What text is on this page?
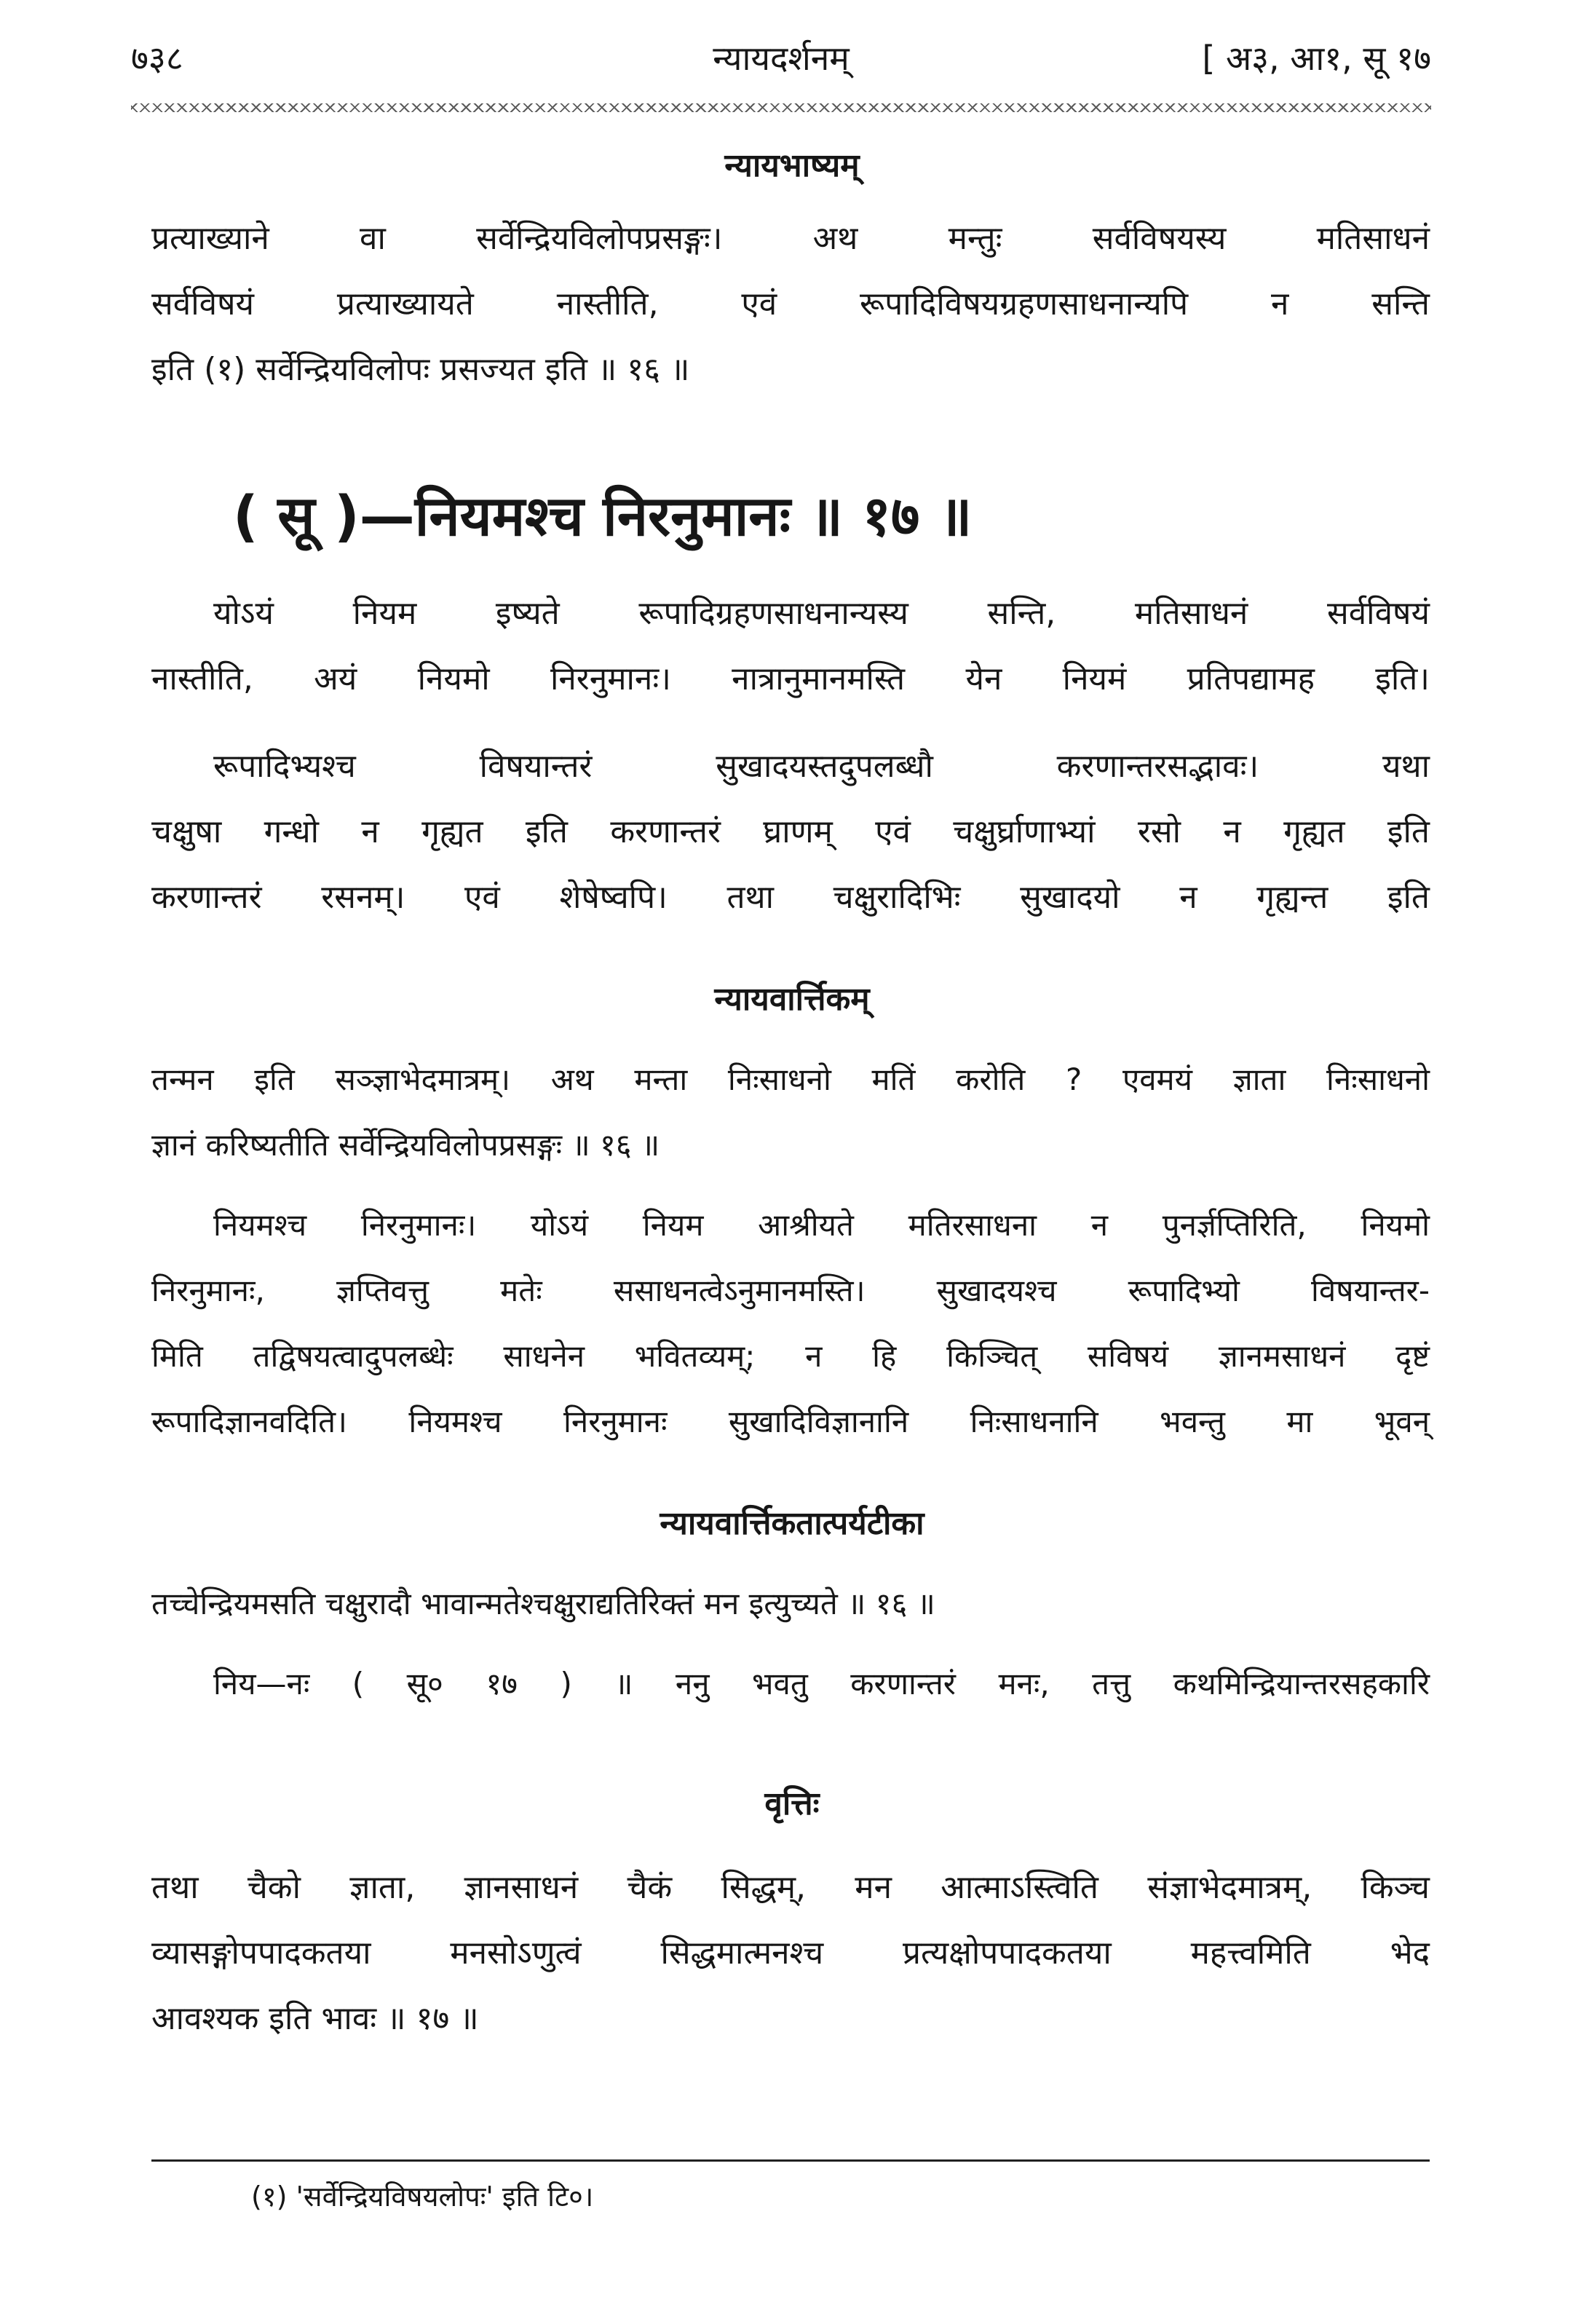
७३८	न्यायदर्शनम्	[ अ३, आ१, सू १७
न्यायभाष्यम्
प्रत्याख्याने वा सर्वेन्द्रियविलोपप्रसङ्गः। अथ मन्तुः सर्वविषयस्य मतिसाधनं
सर्वविषयं प्रत्याख्यायते नास्तीति, एवं रूपादिविषयग्रहणसाधनान्यपि न सन्ति
इति (१) सर्वेन्द्रियविलोपः प्रसज्यत इति ॥ १६ ॥
( सू )—नियमश्च निरनुमानः ॥ १७ ॥
योऽयं नियम इष्यते रूपादिग्रहणसाधनान्यस्य सन्ति, मतिसाधनं सर्वविषयं
नास्तीति, अयं नियमो निरनुमानः। नात्रानुमानमस्ति येन नियमं प्रतिपद्यामह इति।
रूपादिभ्यश्च विषयान्तरं सुखादयस्तदुपलब्धौ करणान्तरसद्भावः। यथा
चक्षुषा गन्धो न गृह्यत इति करणान्तरं घ्राणम् एवं चक्षुर्घ्राणाभ्यां रसो न गृह्यत इति
करणान्तरं रसनम्। एवं शेषेष्वपि। तथा चक्षुरादिभिः सुखादयो न गृह्यन्त इति
न्यायवार्त्तिकम्
तन्मन इति सञ्ज्ञाभेदमात्रम्। अथ मन्ता निःसाधनो मतिं करोति ? एवमयं ज्ञाता निःसाधनो
ज्ञानं करिष्यतीति सर्वेन्द्रियविलोपप्रसङ्गः ॥ १६ ॥
नियमश्च निरनुमानः। योऽयं नियम आश्रीयते मतिरसाधना न पुनर्ज्ञप्तिरिति, नियमो
निरनुमानः, ज्ञप्तिवत्तु मतेः ससाधनत्वेऽनुमानमस्ति। सुखादयश्च रूपादिभ्यो विषयान्तर-
मिति तद्विषयत्वादुपलब्धेः साधनेन भवितव्यम्; न हि किञ्चित् सविषयं ज्ञानमसाधनं दृष्टं
रूपादिज्ञानवदिति। नियमश्च निरनुमानः सुखादिविज्ञानानि निःसाधनानि भवन्तु मा भूवन्
न्यायवार्त्तिकतात्पर्यटीका
तच्चेन्द्रियमसति चक्षुरादौ भावान्मतेश्चक्षुराद्यतिरिक्तं मन इत्युच्यते ॥ १६ ॥
निय—नः ( सू० १७ ) ॥ ननु भवतु करणान्तरं मनः, तत्तु कथमिन्द्रियान्तरसहकारि
वृत्तिः
तथा चैको ज्ञाता, ज्ञानसाधनं चैकं सिद्धम्, मन आत्माऽस्त्विति संज्ञाभेदमात्रम्, किञ्च
व्यासङ्गोपपादकतया मनसोऽणुत्वं सिद्धमात्मनश्च प्रत्यक्षोपपादकतया महत्त्वमिति भेद
आवश्यक इति भावः ॥ १७ ॥
(१) 'सर्वेन्द्रियविषयलोपः' इति टि०।
